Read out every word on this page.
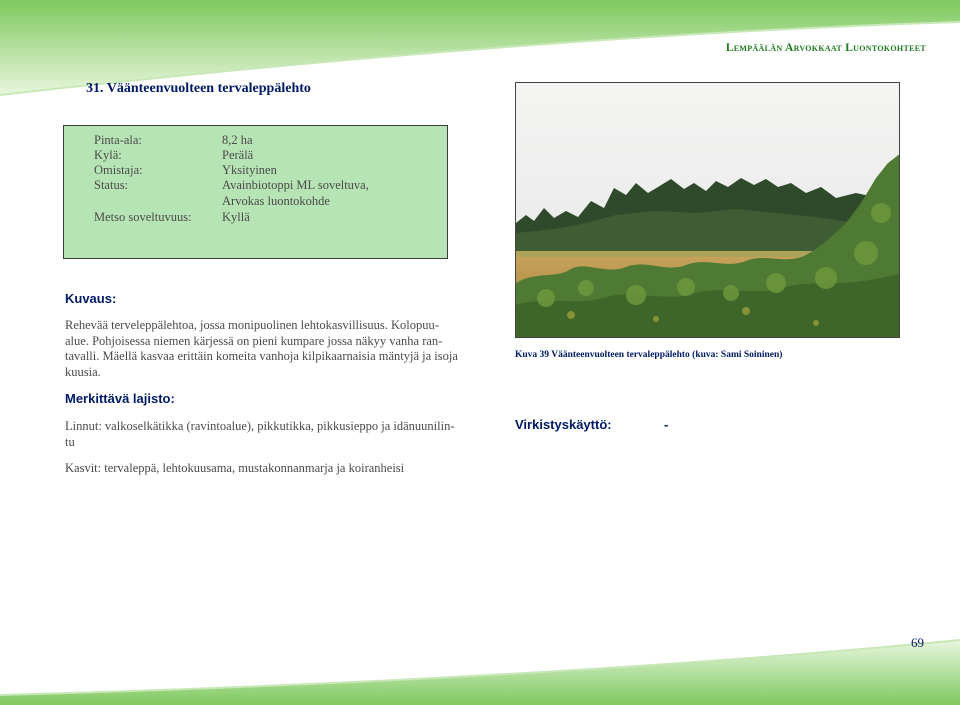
Lempäälän Arvokkaat Luontokohteet
31. Väänteenvuolteen tervaleppälehto
Pinta-ala:
Kylä:
Omistaja:
Status:
Metso soveltuvuus:
8,2 ha
Perälä
Yksityinen
Avainbiotoppi ML soveltuva,
Arvokas luontokohde
Kyllä
Kuvaus:
Rehevää terveleppälehtoa, jossa monipuolinen lehtokasvillisuus. Kolopuu-
alue. Pohjoisessa niemen kärjessä on pieni kumpare jossa näkyy vanha ran-
tavalli. Mäellä kasvaa erittäin komeita vanhoja kilpikaarnaisia mäntyjä ja isoja
kuusia.
Merkittävä lajisto:
Linnut: valkoselkätikka (ravintoalue), pikkutikka, pikkusieppo ja idänuunilin-
tu
Kasvit: tervaleppä, lehtokuusama, mustakonnanmarja ja koiranheisi
Kuva 39 Väänteenvuolteen tervaleppälehto (kuva: Sami Soininen)
Virkistyskäyttö:	-
69
